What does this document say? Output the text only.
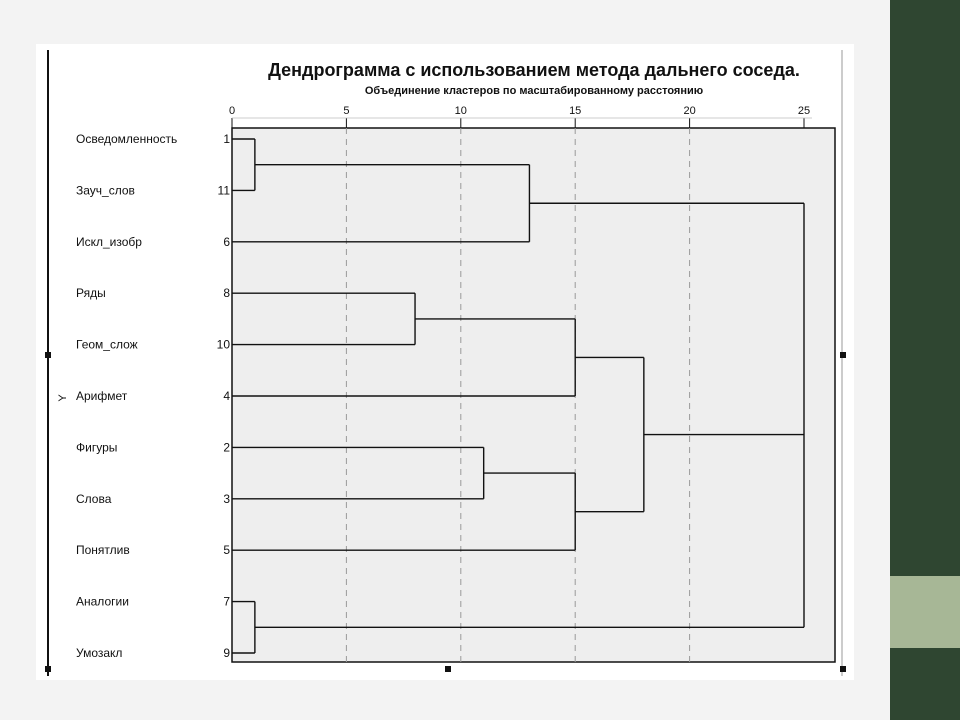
Дендрограмма с использованием метода дальнего соседа.
Объединение кластеров по масштабированному расстоянию
Y
0	5	10	15	20	25
Осведомленность	1
Зауч_слов	11
Искл_изобр	6
Ряды	8
Геом_слож	10
Арифмет	4
Фигуры	2
Слова	3
Понятлив	5
Аналогии	7
Умозакл	9
